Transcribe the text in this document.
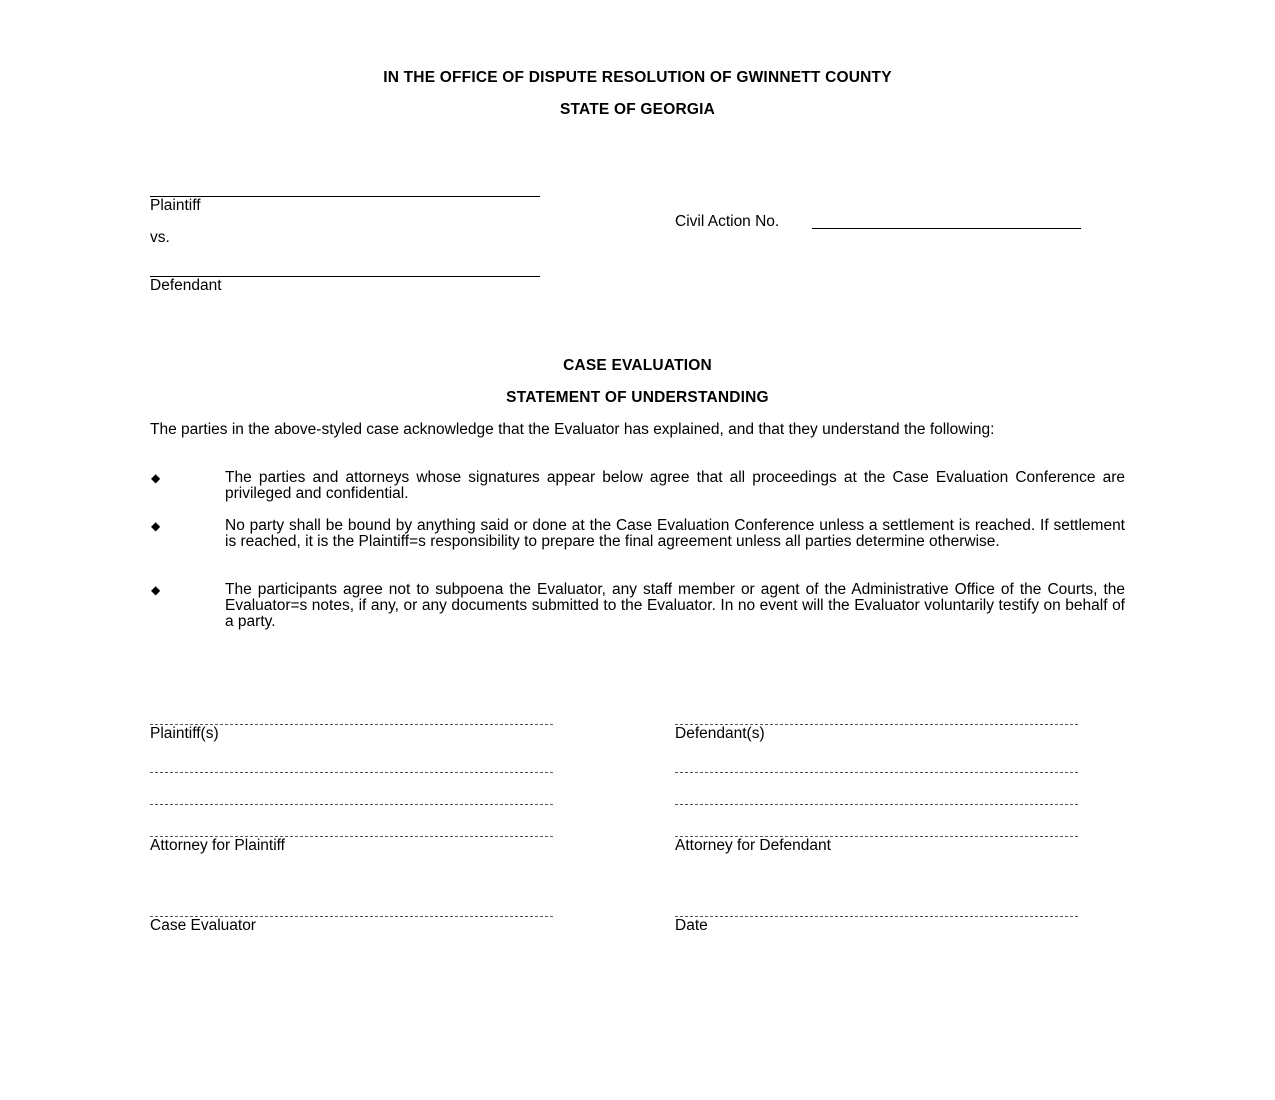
IN THE OFFICE OF DISPUTE RESOLUTION OF GWINNETT COUNTY
STATE OF GEORGIA
Plaintiff
vs.
Defendant
Civil Action No.
CASE EVALUATION
STATEMENT OF UNDERSTANDING
The parties in the above-styled case acknowledge that the Evaluator has explained, and that they understand the following:
◆	The parties and attorneys whose signatures appear below agree that all proceedings at the Case Evaluation Conference are privileged and confidential.
◆	No party shall be bound by anything said or done at the Case Evaluation Conference unless a settlement is reached. If settlement is reached, it is the Plaintiff=s responsibility to prepare the final agreement unless all parties determine otherwise.
◆	The participants agree not to subpoena the Evaluator, any staff member or agent of the Administrative Office of the Courts, the Evaluator=s notes, if any, or any documents submitted to the Evaluator. In no event will the Evaluator voluntarily testify on behalf of a party.
Plaintiff(s)
Attorney for Plaintiff
Case Evaluator
Defendant(s)
Attorney for Defendant
Date
